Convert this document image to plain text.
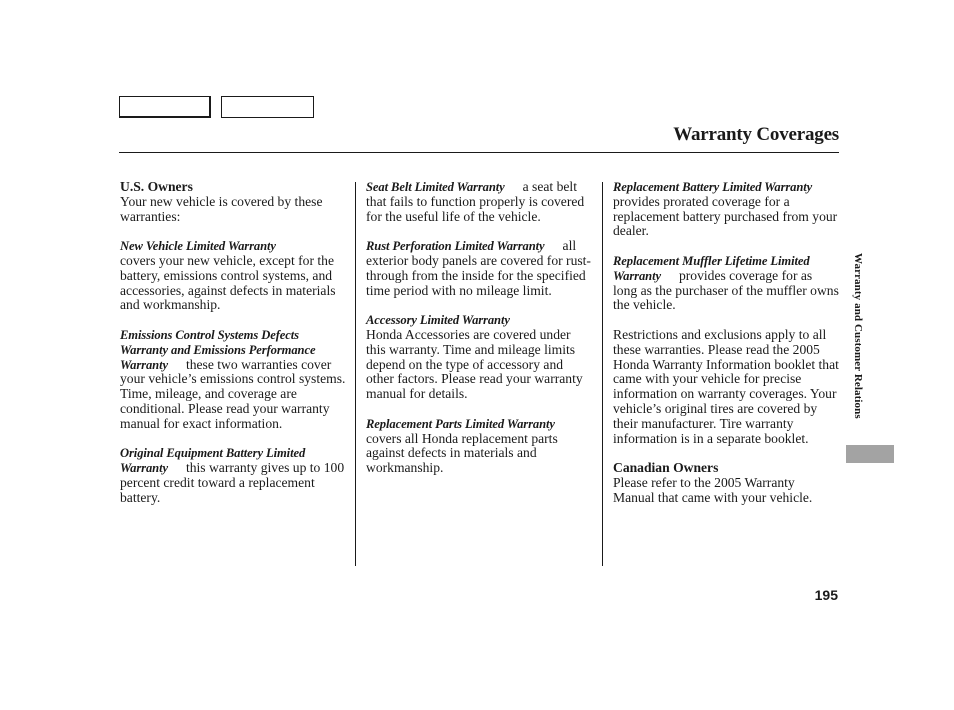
Warranty Coverages

U.S. Owners
Your new vehicle is covered by these warranties:

New Vehicle Limited Warranty
covers your new vehicle, except for the battery, emissions control systems, and accessories, against defects in materials and workmanship.

Emissions Control Systems Defects Warranty and Emissions Performance Warranty these two warranties cover your vehicle’s emissions control systems. Time, mileage, and coverage are conditional. Please read your warranty manual for exact information.

Original Equipment Battery Limited Warranty this warranty gives up to 100 percent credit toward a replacement battery.

Seat Belt Limited Warranty a seat belt that fails to function properly is covered for the useful life of the vehicle.

Rust Perforation Limited Warranty all exterior body panels are covered for rust-through from the inside for the specified time period with no mileage limit.

Accessory Limited Warranty
Honda Accessories are covered under this warranty. Time and mileage limits depend on the type of accessory and other factors. Please read your warranty manual for details.

Replacement Parts Limited Warrantycovers all Honda replacement parts against defects in materials and workmanship.

Replacement Battery Limited Warrantyprovides prorated coverage for a replacement battery purchased from your dealer.

Replacement Muffler Lifetime Limited Warranty provides coverage for as long as the purchaser of the muffler owns the vehicle.

Restrictions and exclusions apply to all these warranties. Please read the 2005 Honda Warranty Information booklet that came with your vehicle for precise information on warranty coverages. Your vehicle’s original tires are covered by their manufacturer. Tire warranty information is in a separate booklet.

Canadian Owners
Please refer to the 2005 Warranty Manual that came with your vehicle.

Warranty and Customer Relations
195
